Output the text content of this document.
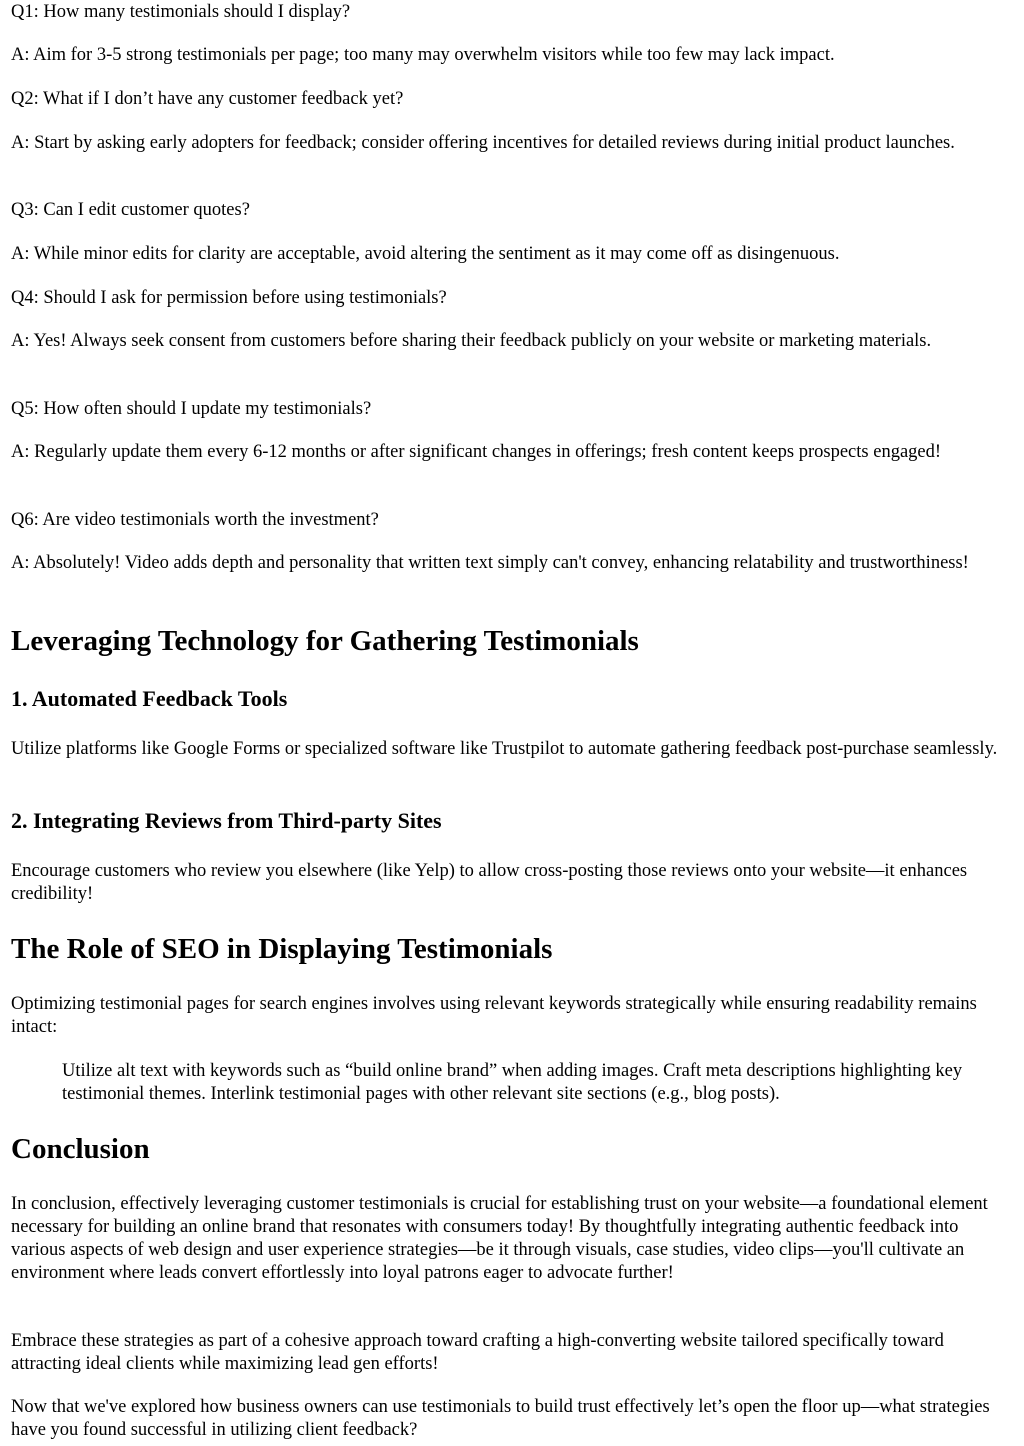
Q1: How many testimonials should I display?

A: Aim for 3-5 strong testimonials per page; too many may overwhelm visitors while too few may lack impact.

Q2: What if I don’t have any customer feedback yet?

A: Start by asking early adopters for feedback; consider offering incentives for detailed reviews during initial product launches.

Q3: Can I edit customer quotes?

A: While minor edits for clarity are acceptable, avoid altering the sentiment as it may come off as disingenuous.

Q4: Should I ask for permission before using testimonials?

A: Yes! Always seek consent from customers before sharing their feedback publicly on your website or marketing materials.

Q5: How often should I update my testimonials?

A: Regularly update them every 6-12 months or after significant changes in offerings; fresh content keeps prospects engaged!

Q6: Are video testimonials worth the investment?

A: Absolutely! Video adds depth and personality that written text simply can't convey, enhancing relatability and trustworthiness!

Leveraging Technology for Gathering Testimonials
1. Automated Feedback Tools

Utilize platforms like Google Forms or specialized software like Trustpilot to automate gathering feedback post-purchase seamlessly.

2. Integrating Reviews from Third-party Sites

Encourage customers who review you elsewhere (like Yelp) to allow cross-posting those reviews onto your website—it enhances credibility!

The Role of SEO in Displaying Testimonials

Optimizing testimonial pages for search engines involves using relevant keywords strategically while ensuring readability remains intact:

Utilize alt text with keywords such as “build online brand” when adding images. Craft meta descriptions highlighting key testimonial themes. Interlink testimonial pages with other relevant site sections (e.g., blog posts).

Conclusion

In conclusion, effectively leveraging customer testimonials is crucial for establishing trust on your website—a foundational element necessary for building an online brand that resonates with consumers today! By thoughtfully integrating authentic feedback into various aspects of web design and user experience strategies—be it through visuals, case studies, video clips—you'll cultivate an environment where leads convert effortlessly into loyal patrons eager to advocate further!

Embrace these strategies as part of a cohesive approach toward crafting a high-converting website tailored specifically toward attracting ideal clients while maximizing lead gen efforts!

Now that we've explored how business owners can use testimonials to build trust effectively let’s open the floor up—what strategies have you found successful in utilizing client feedback?
